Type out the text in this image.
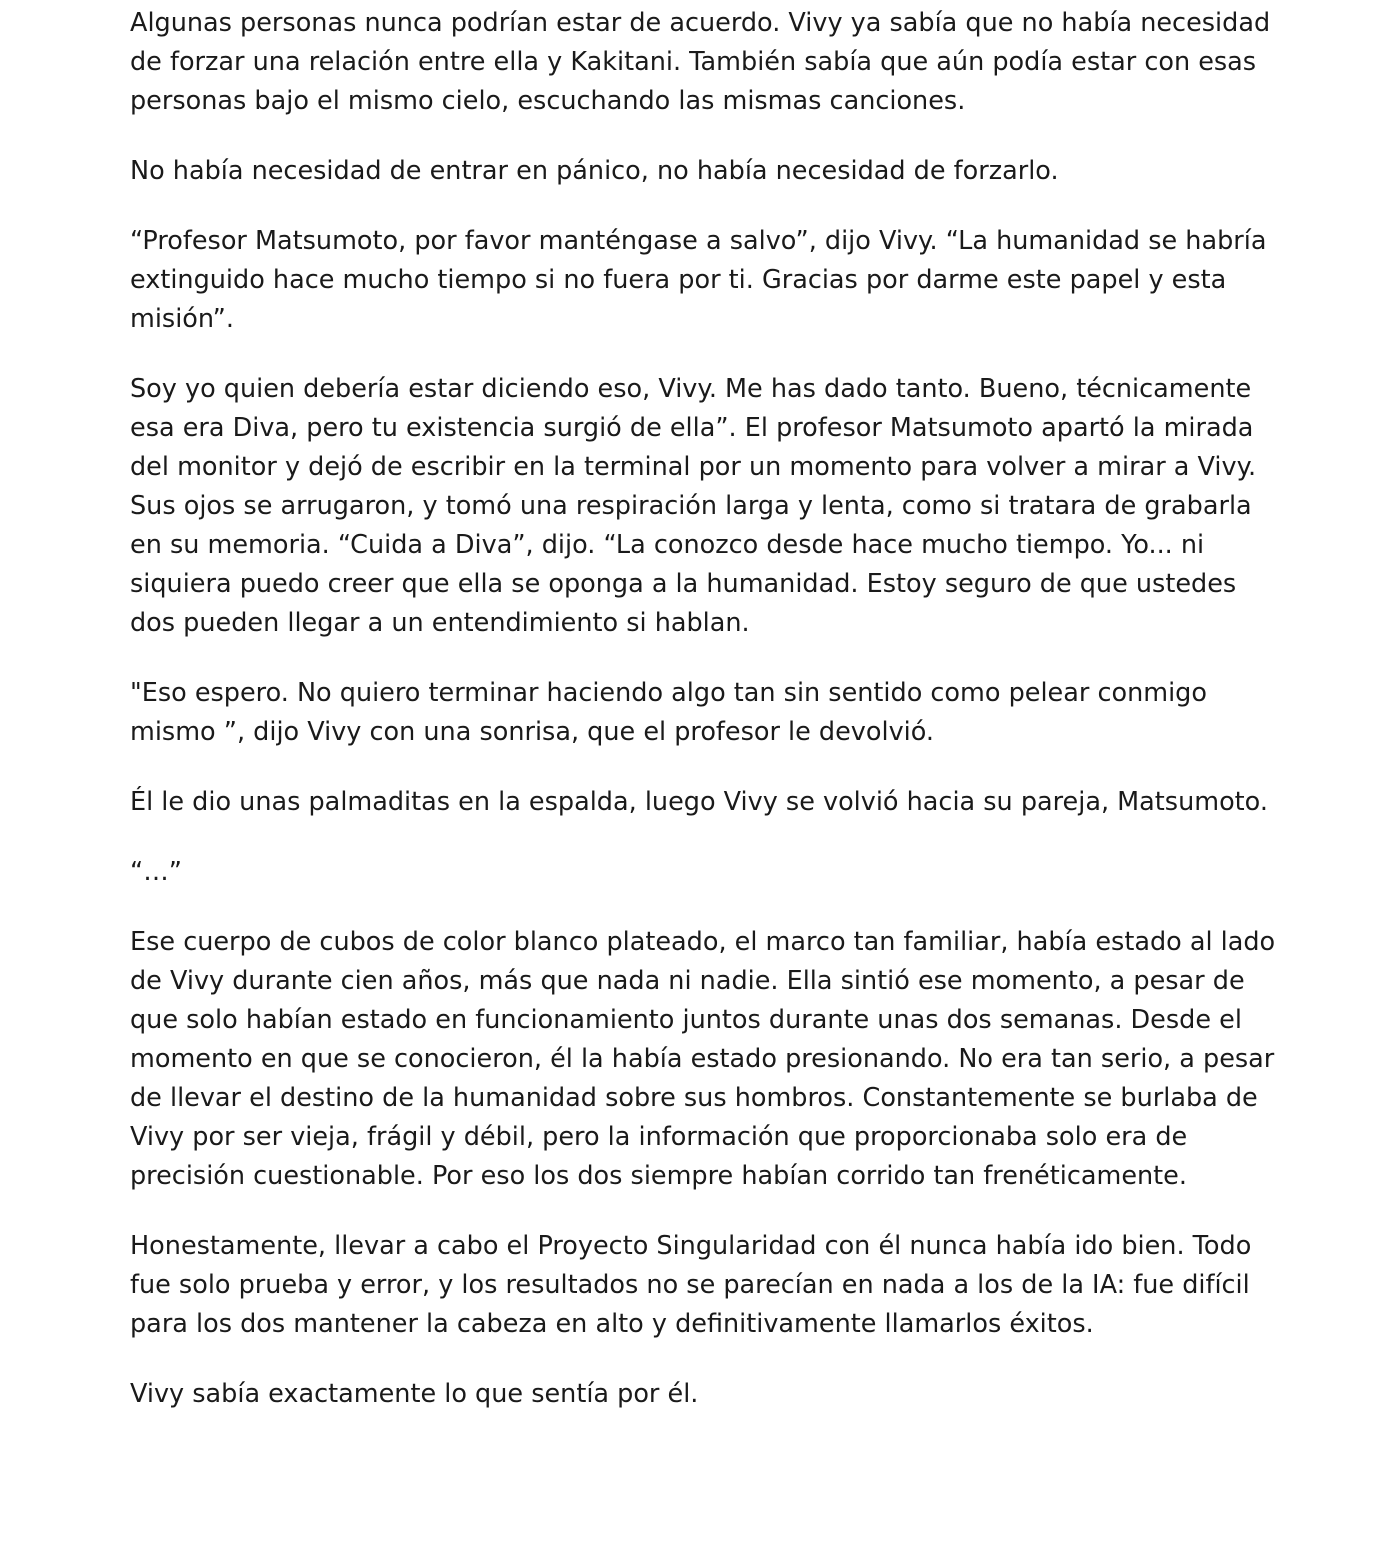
Algunas personas nunca podrían estar de acuerdo. Vivy ya sabía que no había necesidad de forzar una relación entre ella y Kakitani. También sabía que aún podía estar con esas personas bajo el mismo cielo, escuchando las mismas canciones.

No había necesidad de entrar en pánico, no había necesidad de forzarlo.

“Profesor Matsumoto, por favor manténgase a salvo”, dijo Vivy. “La humanidad se habría extinguido hace mucho tiempo si no fuera por ti. Gracias por darme este papel y esta misión”.

Soy yo quien debería estar diciendo eso, Vivy. Me has dado tanto. Bueno, técnicamente esa era Diva, pero tu existencia surgió de ella”. El profesor Matsumoto apartó la mirada del monitor y dejó de escribir en la terminal por un momento para volver a mirar a Vivy. Sus ojos se arrugaron, y tomó una respiración larga y lenta, como si tratara de grabarla en su memoria. “Cuida a Diva”, dijo. “La conozco desde hace mucho tiempo. Yo... ni siquiera puedo creer que ella se oponga a la humanidad. Estoy seguro de que ustedes dos pueden llegar a un entendimiento si hablan.

"Eso espero. No quiero terminar haciendo algo tan sin sentido como pelear conmigo mismo ”, dijo Vivy con una sonrisa, que el profesor le devolvió.

Él le dio unas palmaditas en la espalda, luego Vivy se volvió hacia su pareja, Matsumoto.

“…”

Ese cuerpo de cubos de color blanco plateado, el marco tan familiar, había estado al lado de Vivy durante cien años, más que nada ni nadie. Ella sintió ese momento, a pesar de que solo habían estado en funcionamiento juntos durante unas dos semanas. Desde el momento en que se conocieron, él la había estado presionando. No era tan serio, a pesar de llevar el destino de la humanidad sobre sus hombros. Constantemente se burlaba de Vivy por ser vieja, frágil y débil, pero la información que proporcionaba solo era de precisión cuestionable. Por eso los dos siempre habían corrido tan frenéticamente.

Honestamente, llevar a cabo el Proyecto Singularidad con él nunca había ido bien. Todo fue solo prueba y error, y los resultados no se parecían en nada a los de la IA: fue difícil para los dos mantener la cabeza en alto y definitivamente llamarlos éxitos.

Vivy sabía exactamente lo que sentía por él.
